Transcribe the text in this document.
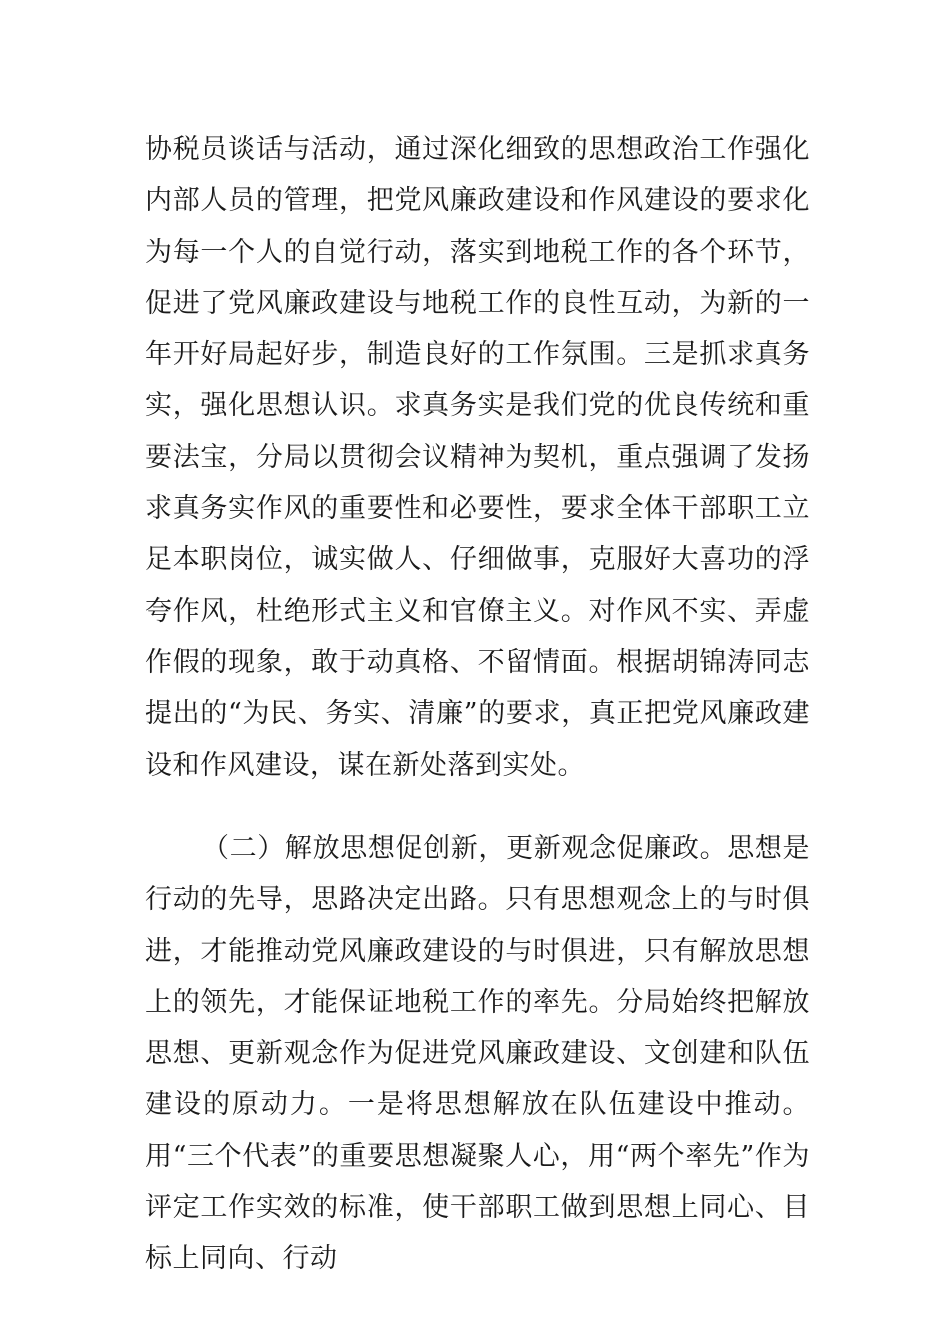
协税员谈话与活动，通过深化细致的思想政治工作强化内部人员的管理，把党风廉政建设和作风建设的要求化为每一个人的自觉行动，落实到地税工作的各个环节，促进了党风廉政建设与地税工作的良性互动，为新的一年开好局起好步，制造良好的工作氛围。三是抓求真务实，强化思想认识。求真务实是我们党的优良传统和重要法宝，分局以贯彻会议精神为契机，重点强调了发扬求真务实作风的重要性和必要性，要求全体干部职工立足本职岗位，诚实做人、仔细做事，克服好大喜功的浮夸作风，杜绝形式主义和官僚主义。对作风不实、弄虚作假的现象，敢于动真格、不留情面。根据胡锦涛同志提出的“为民、务实、清廉”的要求，真正把党风廉政建设和作风建设，谋在新处落到实处。

（二）解放思想促创新，更新观念促廉政。思想是行动的先导，思路决定出路。只有思想观念上的与时俱进，才能推动党风廉政建设的与时俱进，只有解放思想上的领先，才能保证地税工作的率先。分局始终把解放思想、更新观念作为促进党风廉政建设、文创建和队伍建设的原动力。一是将思想解放在队伍建设中推动。用“三个代表”的重要思想凝聚人心，用“两个率先”作为评定工作实效的标准，使干部职工做到思想上同心、目标上同向、行动
